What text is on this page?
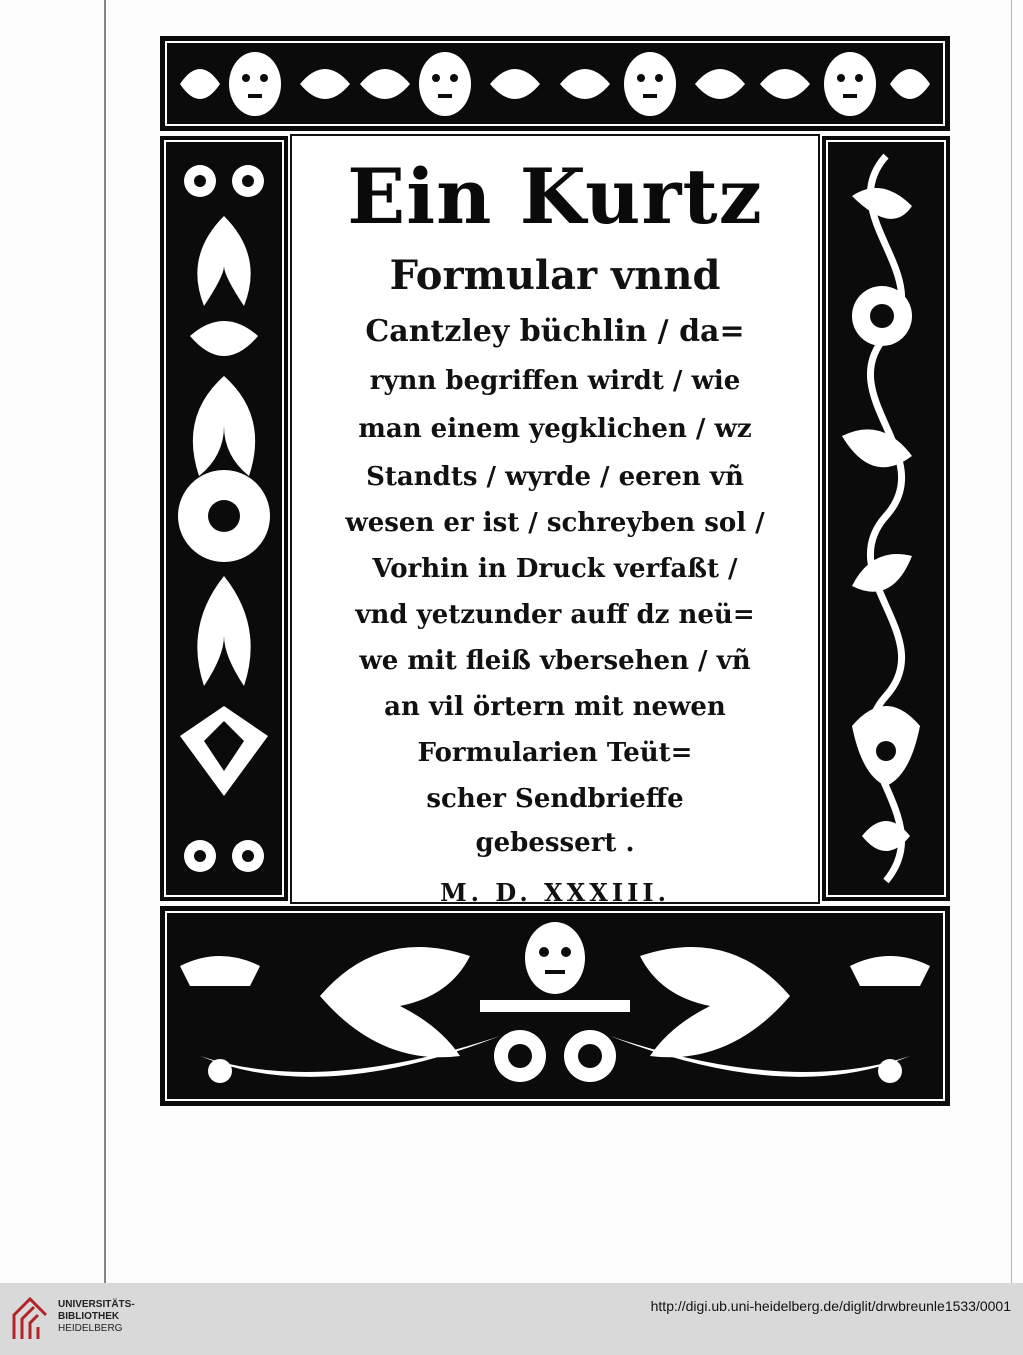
Ein Kurtz
Formular vnnd
Cantzley büchlin / da=
rynn begriffen wirdt / wie
man einem yegklichen / wz
Standts / wyrde / eeren vñ
wesen er ist / schreyben sol /
Vorhin in Druck verfaßt /
vnd yetzunder auff dz neü=
we mit fleiß vbersehen / vñ
an vil örtern mit newen
Formularien Teüt=
scher Sendbrieffe
gebessert .
M. D. XXXIII.
UNIVERSITÄTS-
BIBLIOTHEK
HEIDELBERG
http://digi.ub.uni-heidelberg.de/diglit/drwbreunle1533/0001
